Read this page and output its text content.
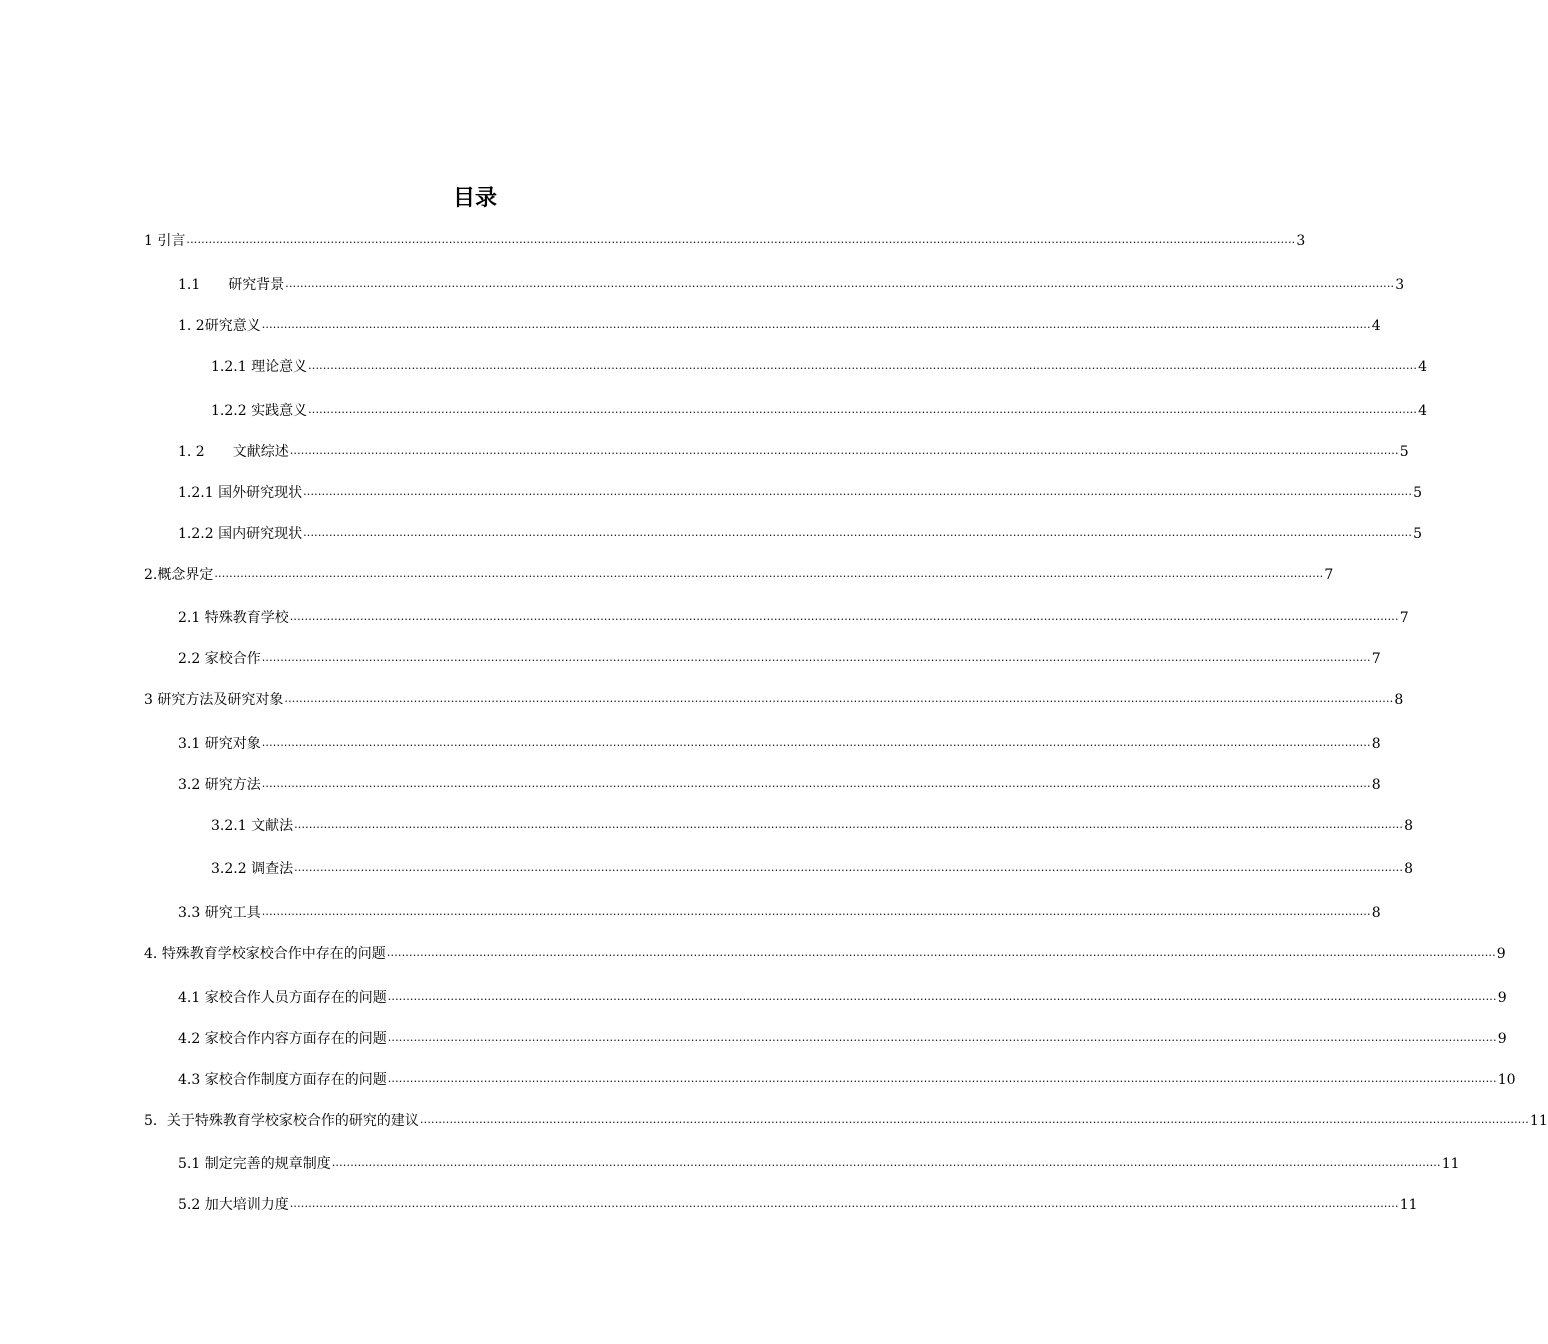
目录
1 引言 ............................................................................................................................................................................................................................................................................................................ 3
1.1 研究背景 ............................................................................................................................................................................................................................................................................................................ 3
1. 2研究意义 ............................................................................................................................................................................................................................................................................................................ 4
1.2.1 理论意义 ............................................................................................................................................................................................................................................................................................................ 4
1.2.2 实践意义 ............................................................................................................................................................................................................................................................................................................ 4
1. 2 文献综述 ............................................................................................................................................................................................................................................................................................................ 5
1.2.1 国外研究现状 ............................................................................................................................................................................................................................................................................................................ 5
1.2.2 国内研究现状 ............................................................................................................................................................................................................................................................................................................ 5
2.概念界定 ............................................................................................................................................................................................................................................................................................................ 7
2.1 特殊教育学校 ............................................................................................................................................................................................................................................................................................................ 7
2.2 家校合作 ............................................................................................................................................................................................................................................................................................................ 7
3 研究方法及研究对象 ............................................................................................................................................................................................................................................................................................................ 8
3.1 研究对象 ............................................................................................................................................................................................................................................................................................................ 8
3.2 研究方法 ............................................................................................................................................................................................................................................................................................................ 8
3.2.1 文献法 ............................................................................................................................................................................................................................................................................................................ 8
3.2.2 调查法 ............................................................................................................................................................................................................................................................................................................ 8
3.3 研究工具 ............................................................................................................................................................................................................................................................................................................ 8
4. 特殊教育学校家校合作中存在的问题 ............................................................................................................................................................................................................................................................................................................ 9
4.1 家校合作人员方面存在的问题 ............................................................................................................................................................................................................................................................................................................ 9
4.2 家校合作内容方面存在的问题 ............................................................................................................................................................................................................................................................................................................ 9
4.3 家校合作制度方面存在的问题 ............................................................................................................................................................................................................................................................................................................ 10
5．关于特殊教育学校家校合作的研究的建议 ............................................................................................................................................................................................................................................................................................................ 11
5.1 制定完善的规章制度 ............................................................................................................................................................................................................................................................................................................ 11
5.2 加大培训力度 ............................................................................................................................................................................................................................................................................................................ 11
